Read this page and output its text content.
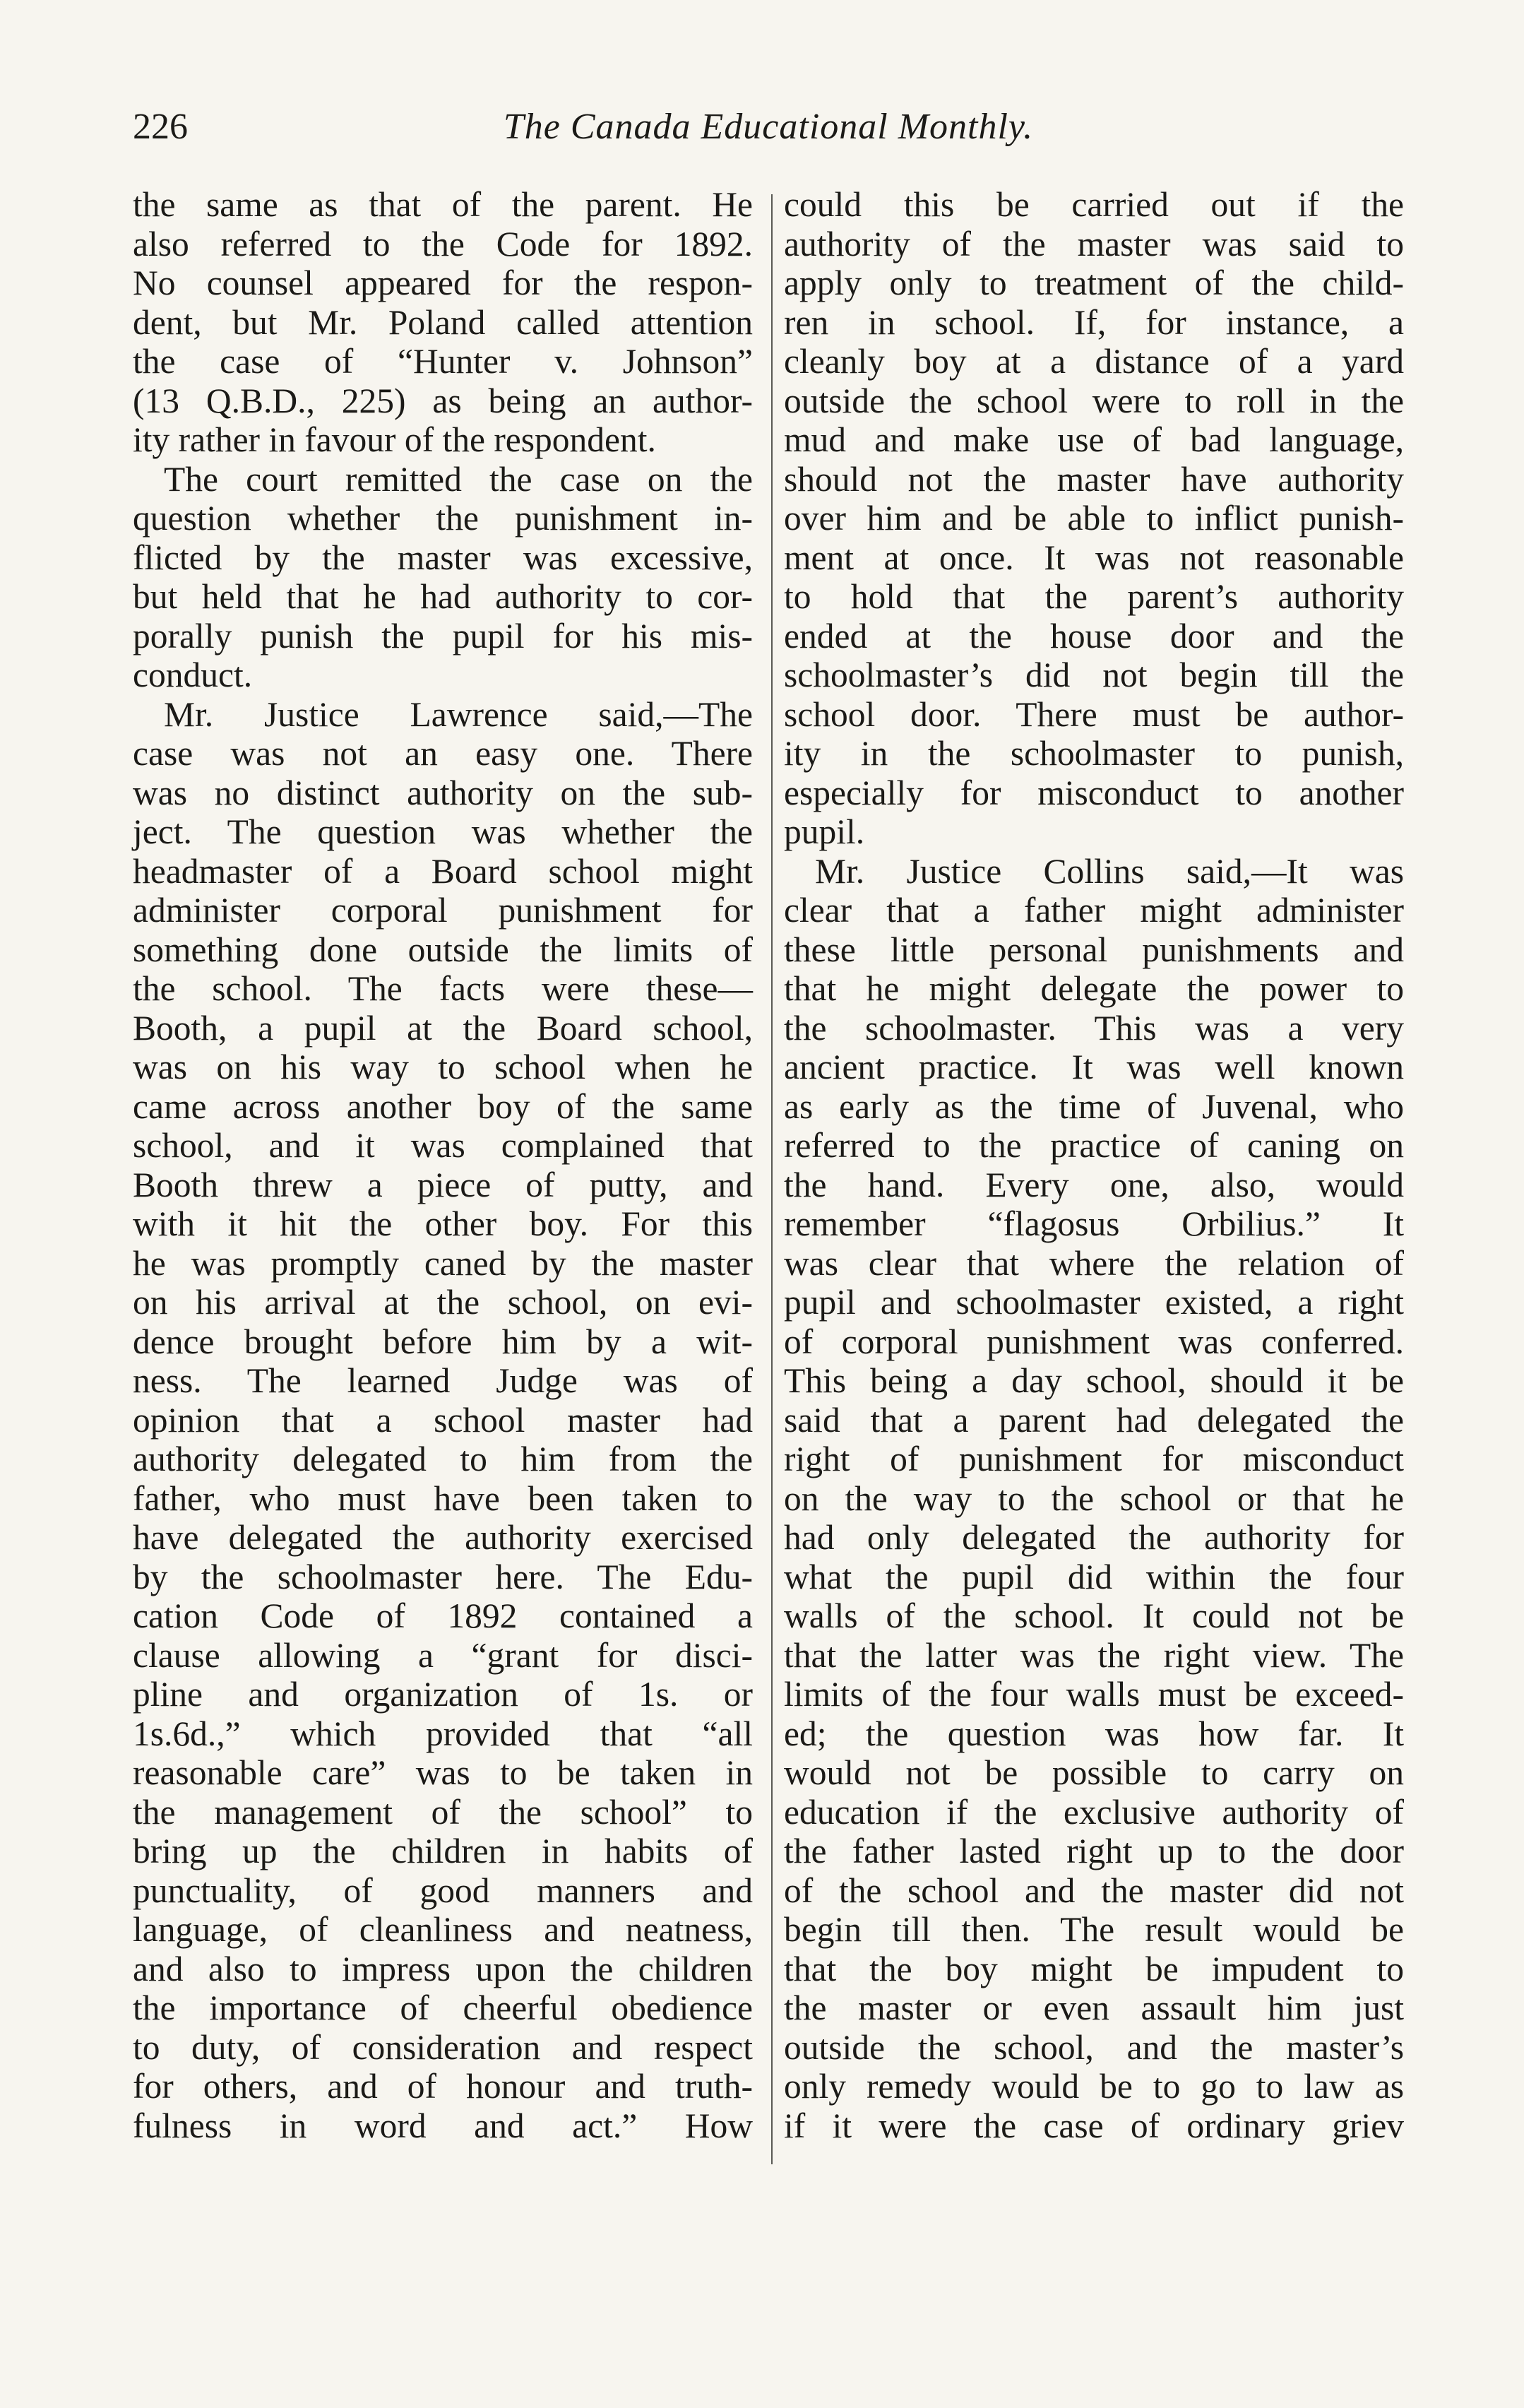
226	The Canada Educational Monthly.
the same as that of the parent. He
also referred to the Code for 1892.
No counsel appeared for the respon-
dent, but Mr. Poland called attention
the case of “Hunter v. Johnson”
(13 Q.B.D., 225) as being an author-
ity rather in favour of the respondent.
The court remitted the case on the
question whether the punishment in-
flicted by the master was excessive,
but held that he had authority to cor-
porally punish the pupil for his mis-
conduct.
Mr. Justice Lawrence said,—The
case was not an easy one. There
was no distinct authority on the sub-
ject. The question was whether the
headmaster of a Board school might
administer corporal punishment for
something done outside the limits of
the school. The facts were these—
Booth, a pupil at the Board school,
was on his way to school when he
came across another boy of the same
school, and it was complained that
Booth threw a piece of putty, and
with it hit the other boy. For this
he was promptly caned by the master
on his arrival at the school, on evi-
dence brought before him by a wit-
ness. The learned Judge was of
opinion that a school master had
authority delegated to him from the
father, who must have been taken to
have delegated the authority exercised
by the schoolmaster here. The Edu-
cation Code of 1892 contained a
clause allowing a “grant for disci-
pline and organization of 1s. or
1s.6d.,” which provided that “all
reasonable care” was to be taken in
the management of the school” to
bring up the children in habits of
punctuality, of good manners and
language, of cleanliness and neatness,
and also to impress upon the children
the importance of cheerful obedience
to duty, of consideration and respect
for others, and of honour and truth-
fulness in word and act.” How
could this be carried out if the
authority of the master was said to
apply only to treatment of the child-
ren in school. If, for instance, a
cleanly boy at a distance of a yard
outside the school were to roll in the
mud and make use of bad language,
should not the master have authority
over him and be able to inflict punish-
ment at once. It was not reasonable
to hold that the parent’s authority
ended at the house door and the
schoolmaster’s did not begin till the
school door. There must be author-
ity in the schoolmaster to punish,
especially for misconduct to another
pupil.
Mr. Justice Collins said,—It was
clear that a father might administer
these little personal punishments and
that he might delegate the power to
the schoolmaster. This was a very
ancient practice. It was well known
as early as the time of Juvenal, who
referred to the practice of caning on
the hand. Every one, also, would
remember “flagosus Orbilius.” It
was clear that where the relation of
pupil and schoolmaster existed, a right
of corporal punishment was conferred.
This being a day school, should it be
said that a parent had delegated the
right of punishment for misconduct
on the way to the school or that he
had only delegated the authority for
what the pupil did within the four
walls of the school. It could not be
that the latter was the right view. The
limits of the four walls must be exceed-
ed; the question was how far. It
would not be possible to carry on
education if the exclusive authority of
the father lasted right up to the door
of the school and the master did not
begin till then. The result would be
that the boy might be impudent to
the master or even assault him just
outside the school, and the master’s
only remedy would be to go to law as
if it were the case of ordinary griev
